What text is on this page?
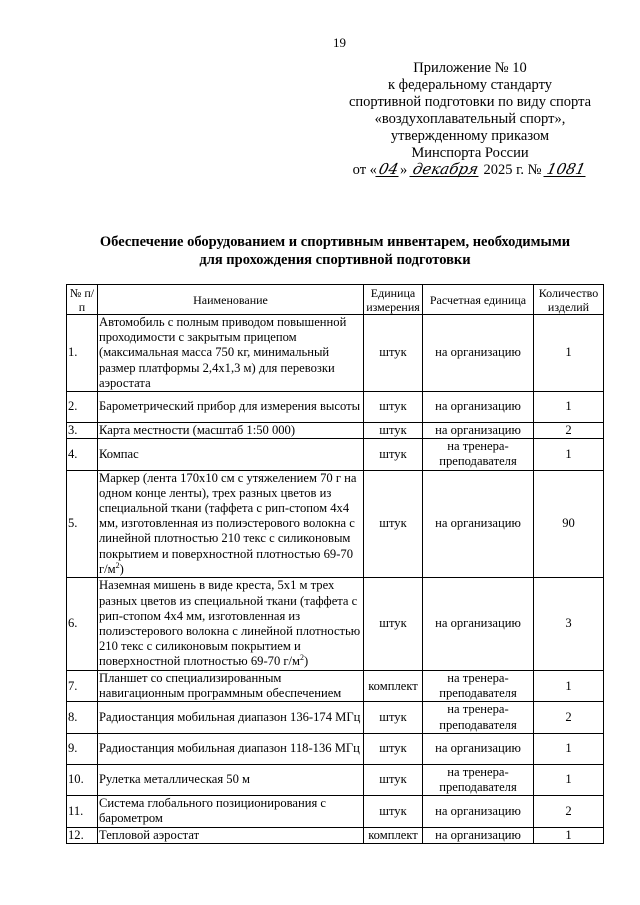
19
Приложение № 10
к федеральному стандарту
спортивной подготовки по виду спорта
«воздухоплавательный спорт»,
утвержденному приказом
Минспорта России
от «04» декабря 2025 г. № 1081
Обеспечение оборудованием и спортивным инвентарем, необходимыми
для прохождения спортивной подготовки
№ п/п	Наименование	Единица измерения	Расчетная единица	Количество изделий
1.	Автомобиль с полным приводом повышенной проходимости с закрытым прицепом (максимальная масса 750 кг, минимальный размер платформы 2,4х1,3 м) для перевозки аэростата	штук	на организацию	1
2.	Барометрический прибор для измерения высоты	штук	на организацию	1
3.	Карта местности (масштаб 1:50 000)	штук	на организацию	2
4.	Компас	штук	на тренера-преподавателя	1
5.	Маркер (лента 170х10 см с утяжелением 70 г на одном конце ленты), трех разных цветов из специальной ткани (таффета с рип-стопом 4х4 мм, изготовленная из полиэстерового волокна с линейной плотностью 210 текс с силиконовым покрытием и поверхностной плотностью 69-70 $г/м^2$)	штук	на организацию	90
6.	Наземная мишень в виде креста, 5х1 м трех разных цветов из специальной ткани (таффета с рип-стопом 4х4 мм, изготовленная из полиэстерового волокна с линейной плотностью 210 текс с силиконовым покрытием и поверхностной плотностью 69-70 $г/м^2$)	штук	на организацию	3
7.	Планшет со специализированным навигационным программным обеспечением	комплект	на тренера-преподавателя	1
8.	Радиостанция мобильная диапазон 136-174 МГц	штук	на тренера-преподавателя	2
9.	Радиостанция мобильная диапазон 118-136 МГц	штук	на организацию	1
10.	Рулетка металлическая 50 м	штук	на тренера-преподавателя	1
11.	Система глобального позиционирования с барометром	штук	на организацию	2
12.	Тепловой аэростат	комплект	на организацию	1
